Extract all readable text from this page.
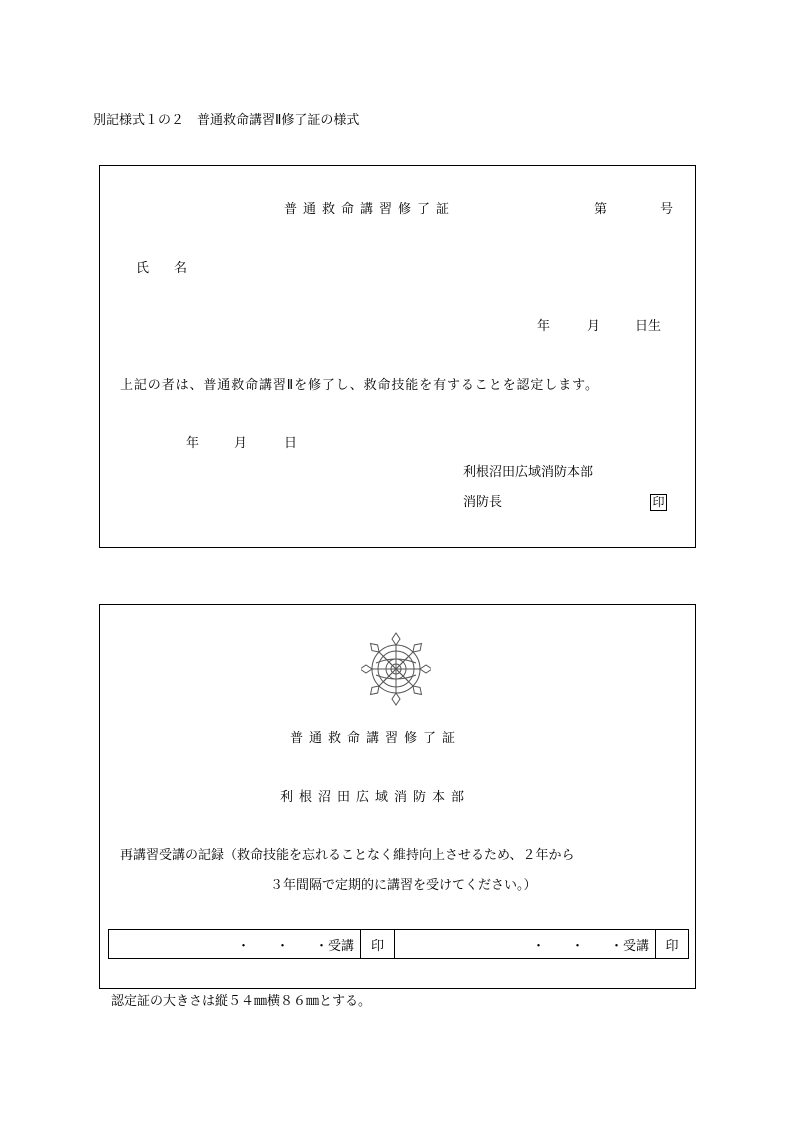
別記様式１の２　普通救命講習Ⅱ修了証の様式
普通救命講習修了証	第	号
氏　名
年	月	日生
上記の者は、普通救命講習Ⅱを修了し、救命技能を有することを認定します。
年	月	日
利根沼田広域消防本部
消防長	印
普通救命講習修了証
利根沼田広域消防本部
再講習受講の記録（救命技能を忘れることなく維持向上させるため、２年から
３年間隔で定期的に講習を受けてください。）
・　　・　　・受講	印	・　　・　　・受講	印
認定証の大きさは縦５４㎜横８６㎜とする。
